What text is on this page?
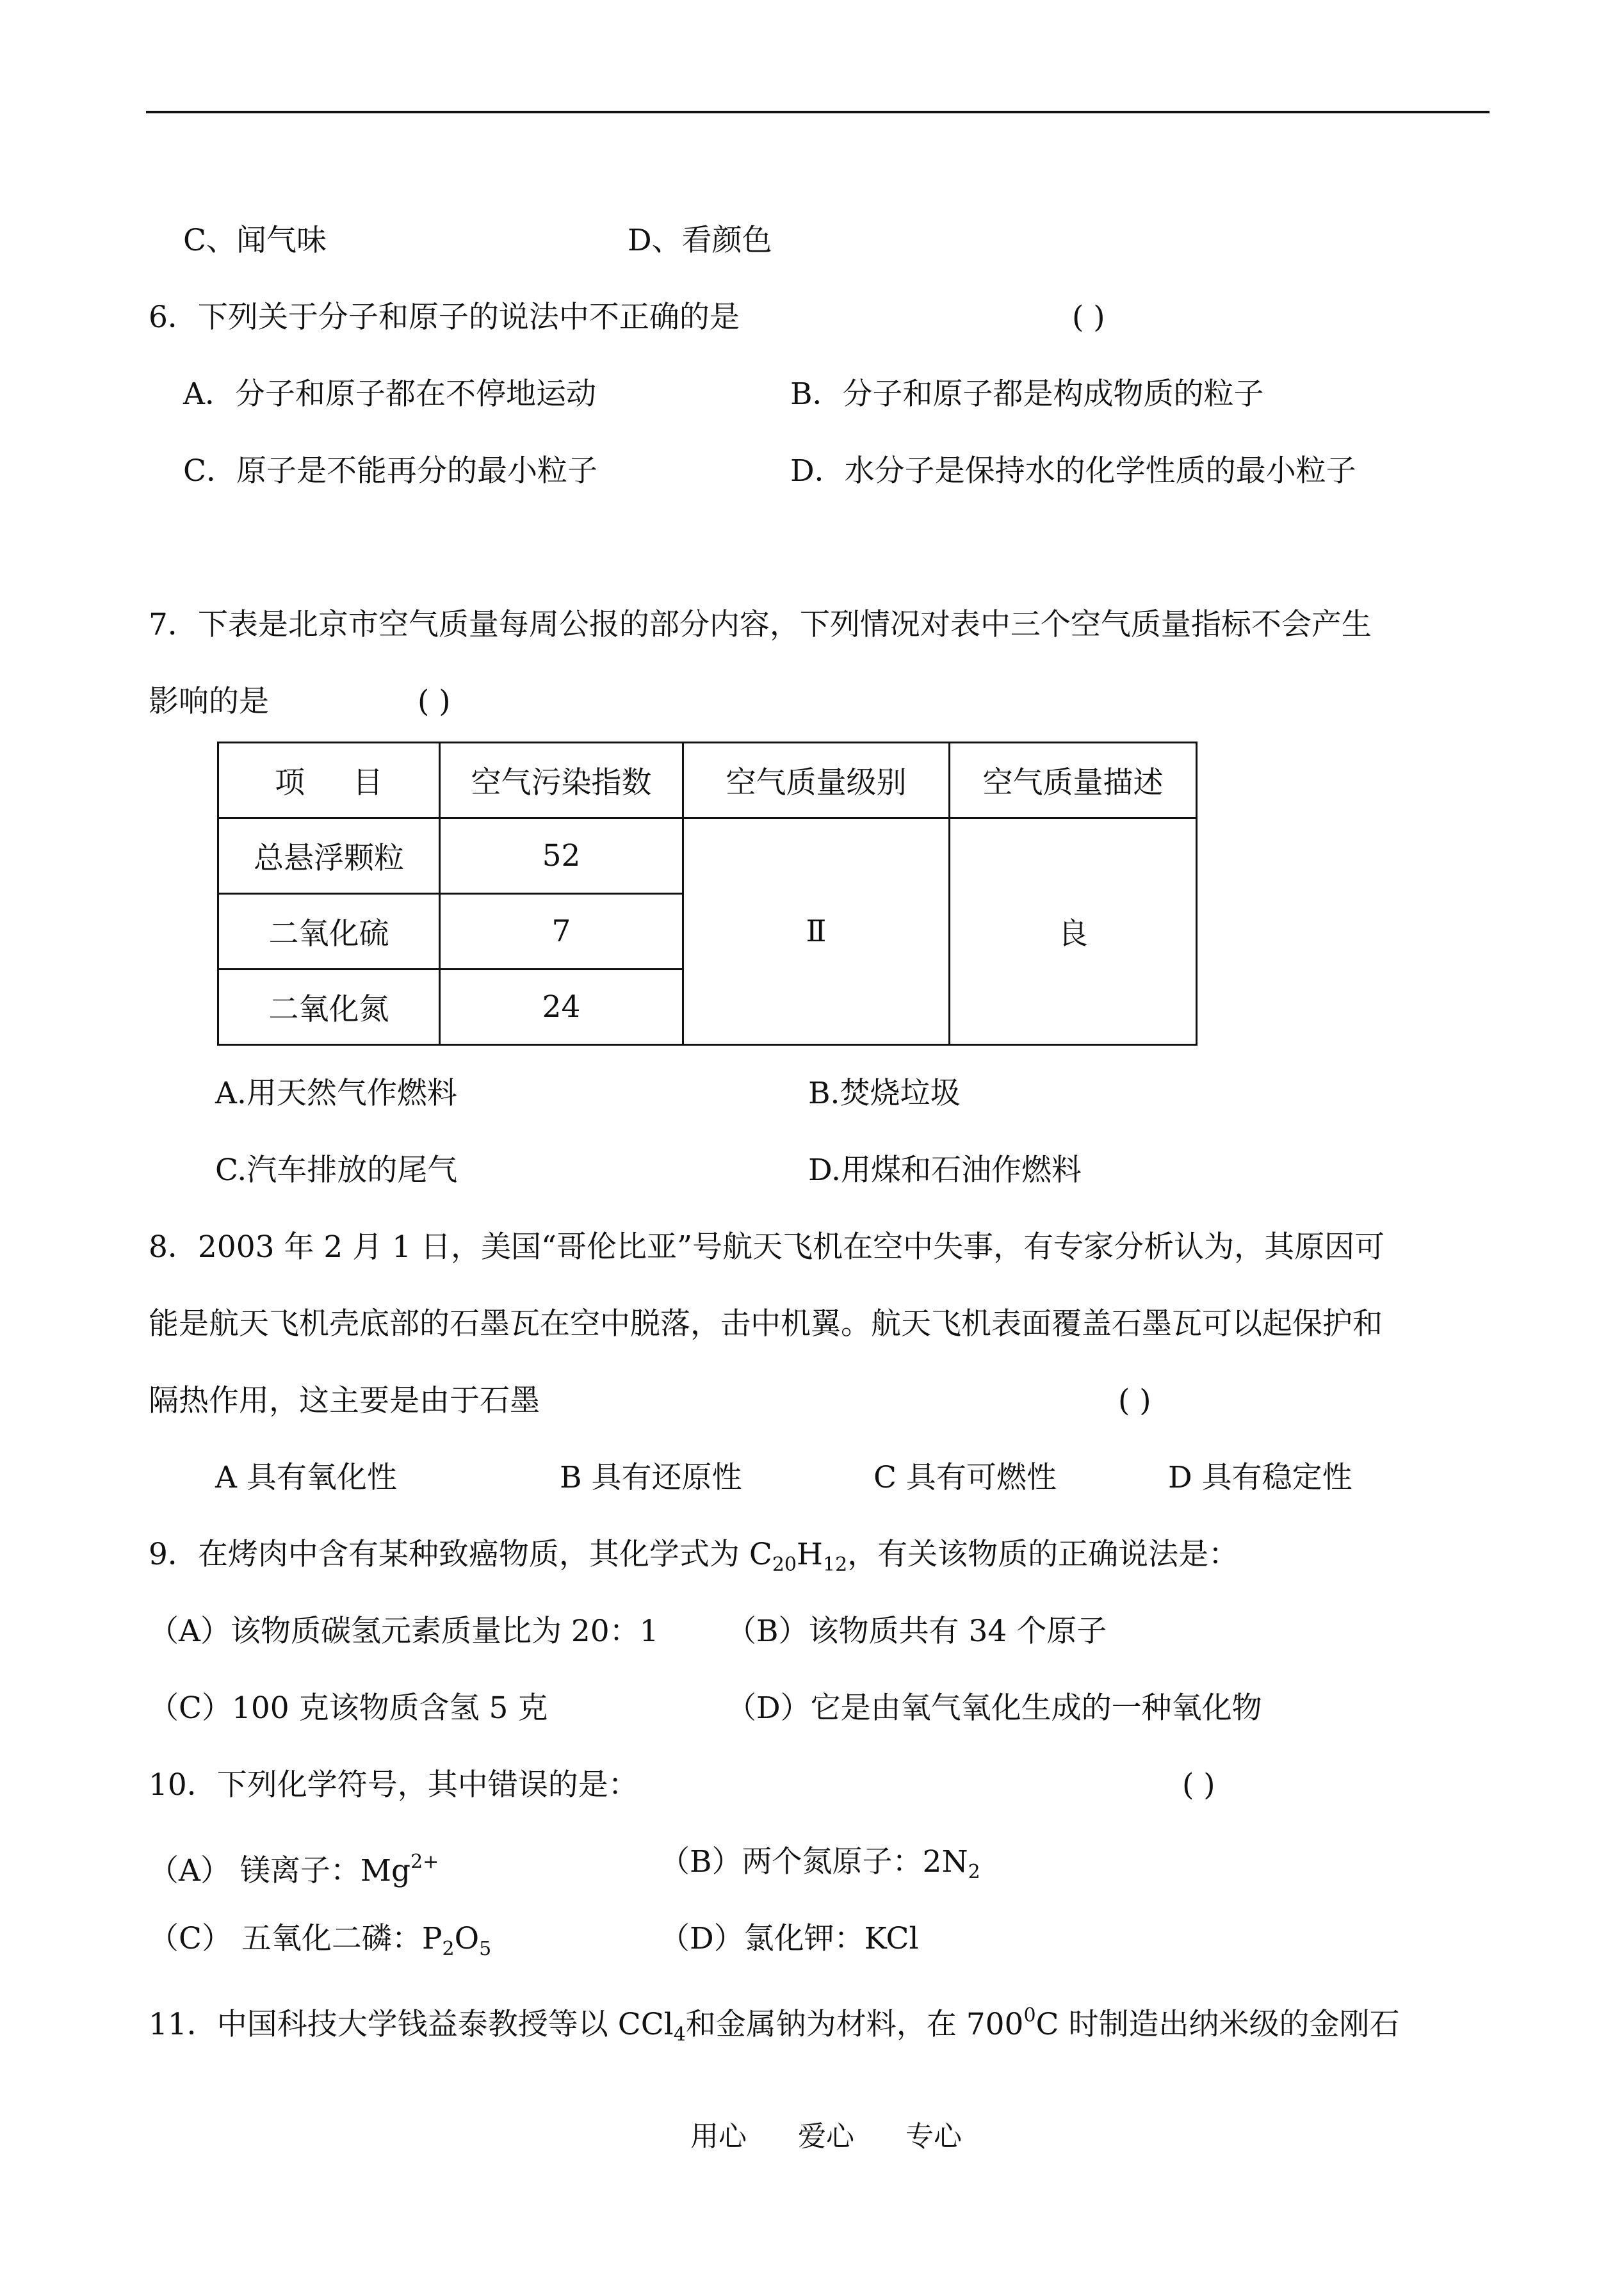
C、闻气味	D、看颜色
6．下列关于分子和原子的说法中不正确的是	( )
A．分子和原子都在不停地运动	B．分子和原子都是构成物质的粒子
C．原子是不能再分的最小粒子	D．水分子是保持水的化学性质的最小粒子
7．下表是北京市空气质量每周公报的部分内容，下列情况对表中三个空气质量指标不会产生
影响的是	( )
项     目	空气污染指数	空气质量级别	空气质量描述
总悬浮颗粒	52	Ⅱ	良
二氧化硫	7		
二氧化氮	24		
A.用天然气作燃料	B.焚烧垃圾
C.汽车排放的尾气	D.用煤和石油作燃料
8．2003 年 2 月 1 日，美国“哥伦比亚”号航天飞机在空中失事，有专家分析认为，其原因可
能是航天飞机壳底部的石墨瓦在空中脱落，击中机翼。航天飞机表面覆盖石墨瓦可以起保护和
隔热作用，这主要是由于石墨	( )
A 具有氧化性	B 具有还原性	C 具有可燃性	D 具有稳定性
9．在烤肉中含有某种致癌物质，其化学式为 $C_{20}H_{12}$，有关该物质的正确说法是：
（A）该物质碳氢元素质量比为 20：1 （B）该物质共有 34 个原子
（C）100 克该物质含氢 5 克	（D）它是由氧气氧化生成的一种氧化物
10．下列化学符号，其中错误的是：	( )
（A） 镁离子：$Mg^{2+}$	（B）两个氮原子：$2N_2$
（C） 五氧化二磷：$P_2O_5$	（D）氯化钾：KCl
11．中国科技大学钱益泰教授等以 CCl$_4$和金属钠为材料，在 $700^0C$ 时制造出纳米级的金刚石
用心 爱心 专心
